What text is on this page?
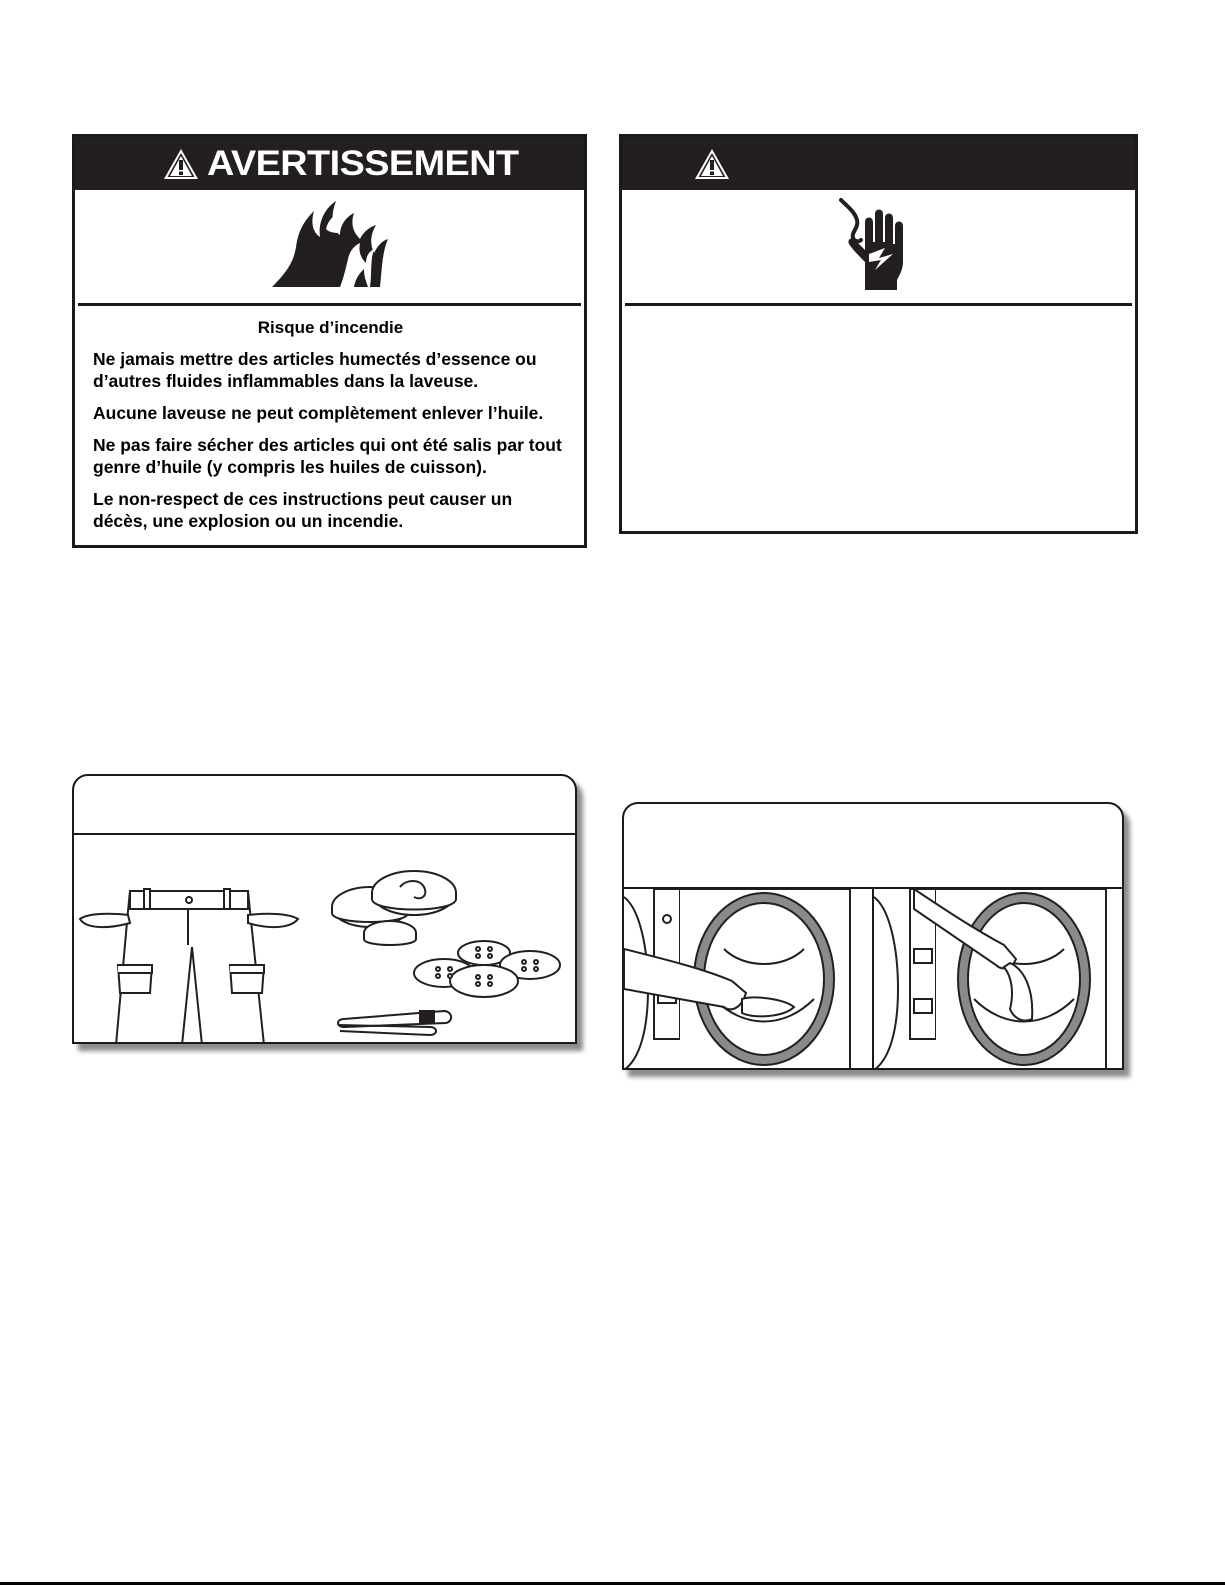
AVERTISSEMENT
Risque d’incendie

Ne jamais mettre des articles humectés d’essence ou d’autres fluides inflammables dans la laveuse.

Aucune laveuse ne peut complètement enlever l’huile.

Ne pas faire sécher des articles qui ont été salis par tout genre d’huile (y compris les huiles de cuisson).

Le non-respect de ces instructions peut causer un décès, une explosion ou un incendie.
